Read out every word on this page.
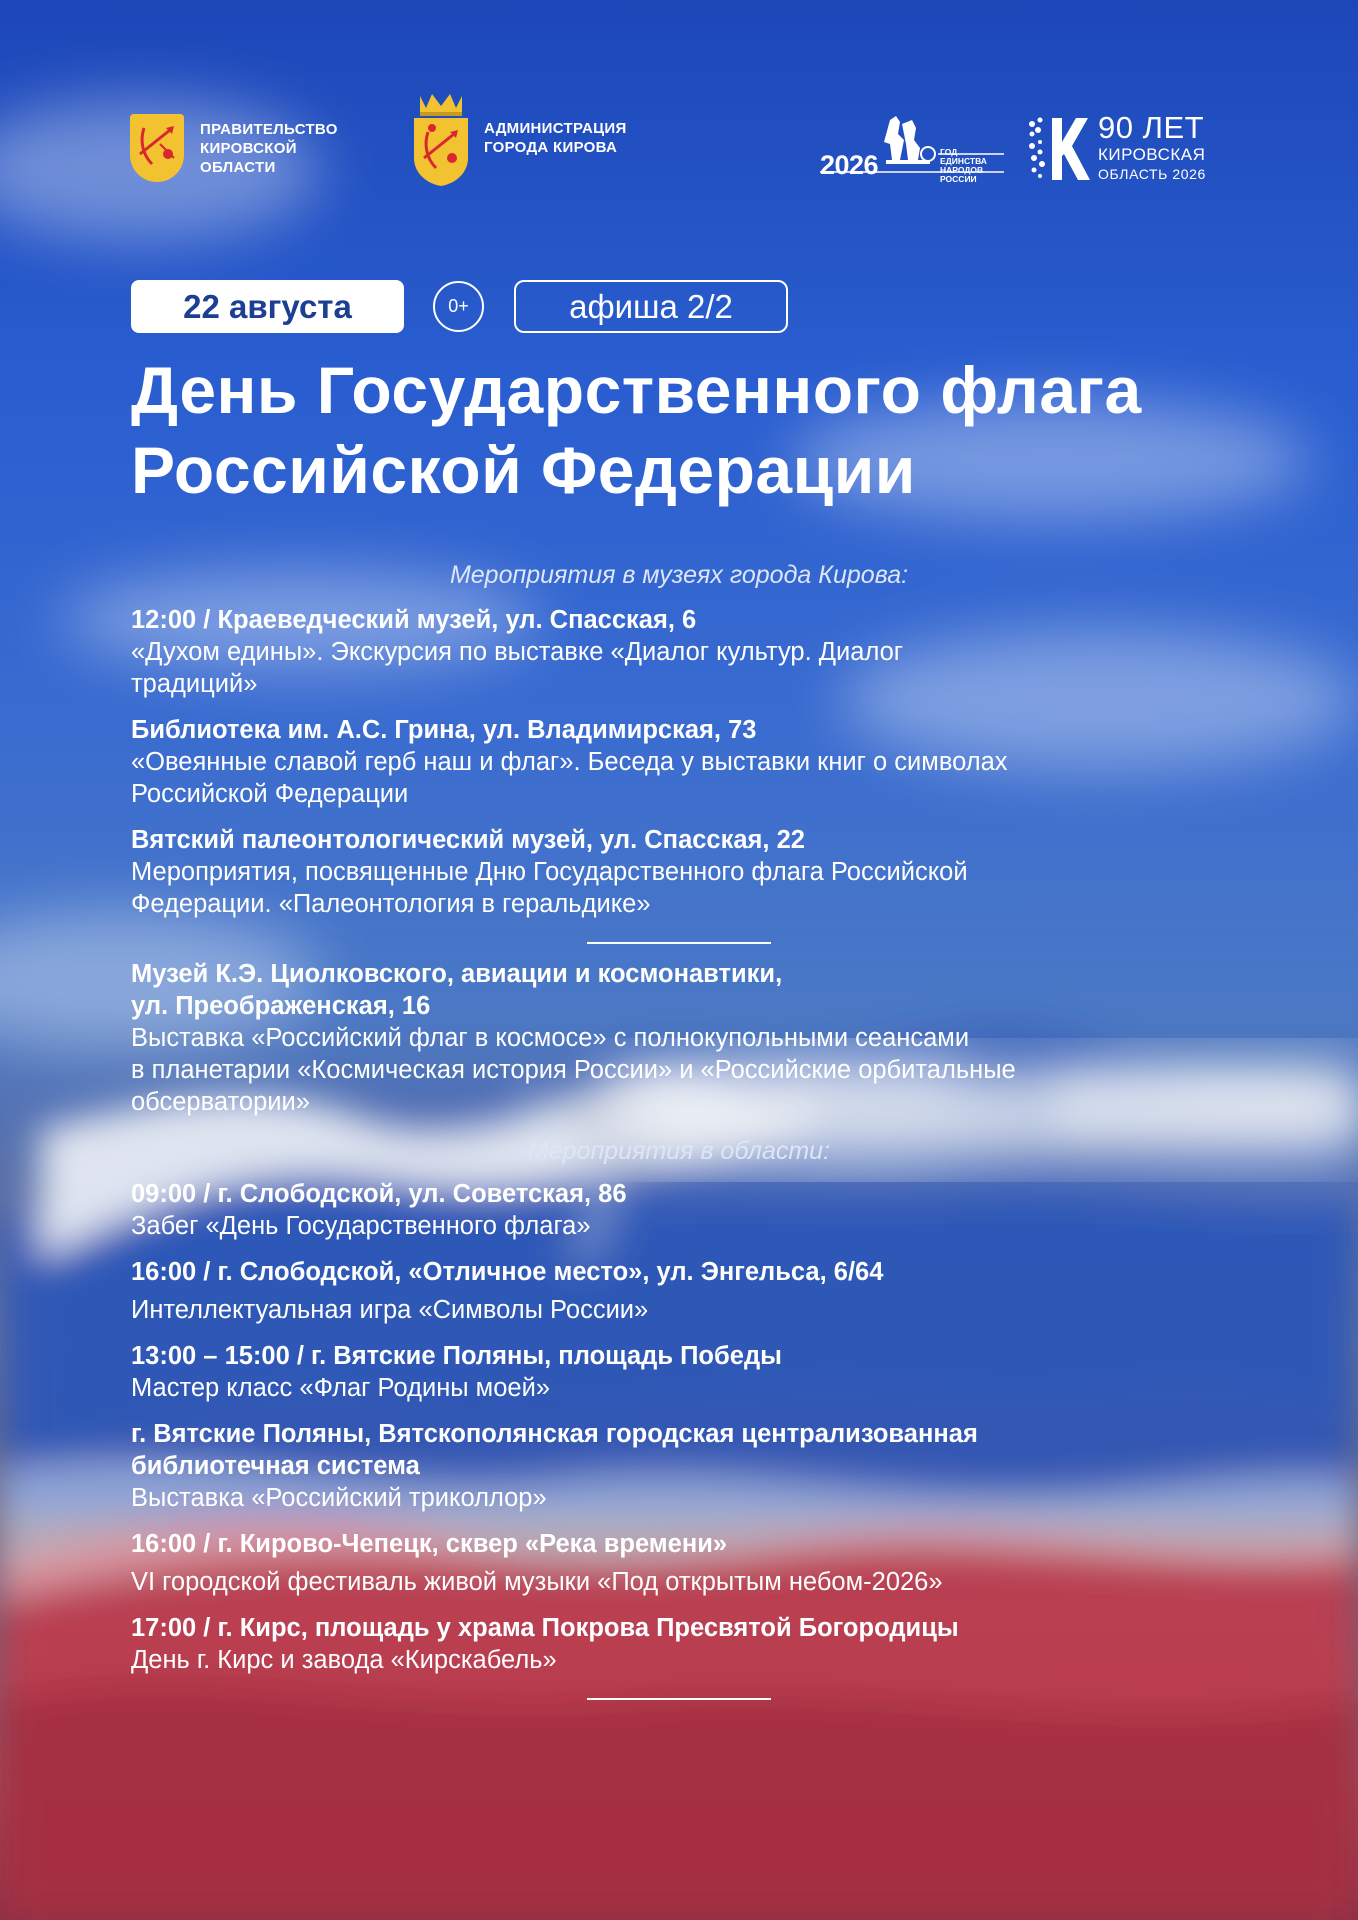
ПРАВИТЕЛЬСТВО
КИРОВСКОЙ
ОБЛАСТИ
АДМИНИСТРАЦИЯ
ГОРОДА КИРОВА
2026	ГОД
ЕДИНСТВА
НАРОДОВ
РОССИИ
90 ЛЕТ
КИРОВСКАЯ
ОБЛАСТЬ 2026
22 августа	0+	афиша 2/2
День Государственного флага
Российской Федерации
Мероприятия в музеях города Кирова:
12:00 / Краеведческий музей, ул. Спасская, 6
«Духом едины». Экскурсия по выставке «Диалог культур. Диалог
традиций»
Библиотека им. А.С. Грина, ул. Владимирская, 73
«Овеянные славой герб наш и флаг». Беседа у выставки книг о символах
Российской Федерации
Вятский палеонтологический музей, ул. Спасская, 22
Мероприятия, посвященные Дню Государственного флага Российской
Федерации. «Палеонтология в геральдике»
Музей К.Э. Циолковского, авиации и космонавтики,
ул. Преображенская, 16
Выставка «Российский флаг в космосе» с полнокупольными сеансами
в планетарии «Космическая история России» и «Российские орбитальные
обсерватории»
Мероприятия в области:
09:00 / г. Слободской, ул. Советская, 86
Забег «День Государственного флага»
16:00 / г. Слободской, «Отличное место», ул. Энгельса, 6/64
Интеллектуальная игра «Символы России»
13:00 – 15:00 / г. Вятские Поляны, площадь Победы
Мастер класс «Флаг Родины моей»
г. Вятские Поляны, Вятскополянская городская централизованная
библиотечная система
Выставка «Российский триколлор»
16:00 / г. Кирово-Чепецк, сквер «Река времени»
VI городской фестиваль живой музыки «Под открытым небом-2026»
17:00 / г. Кирс, площадь у храма Покрова Пресвятой Богородицы
День г. Кирс и завода «Кирскабель»
